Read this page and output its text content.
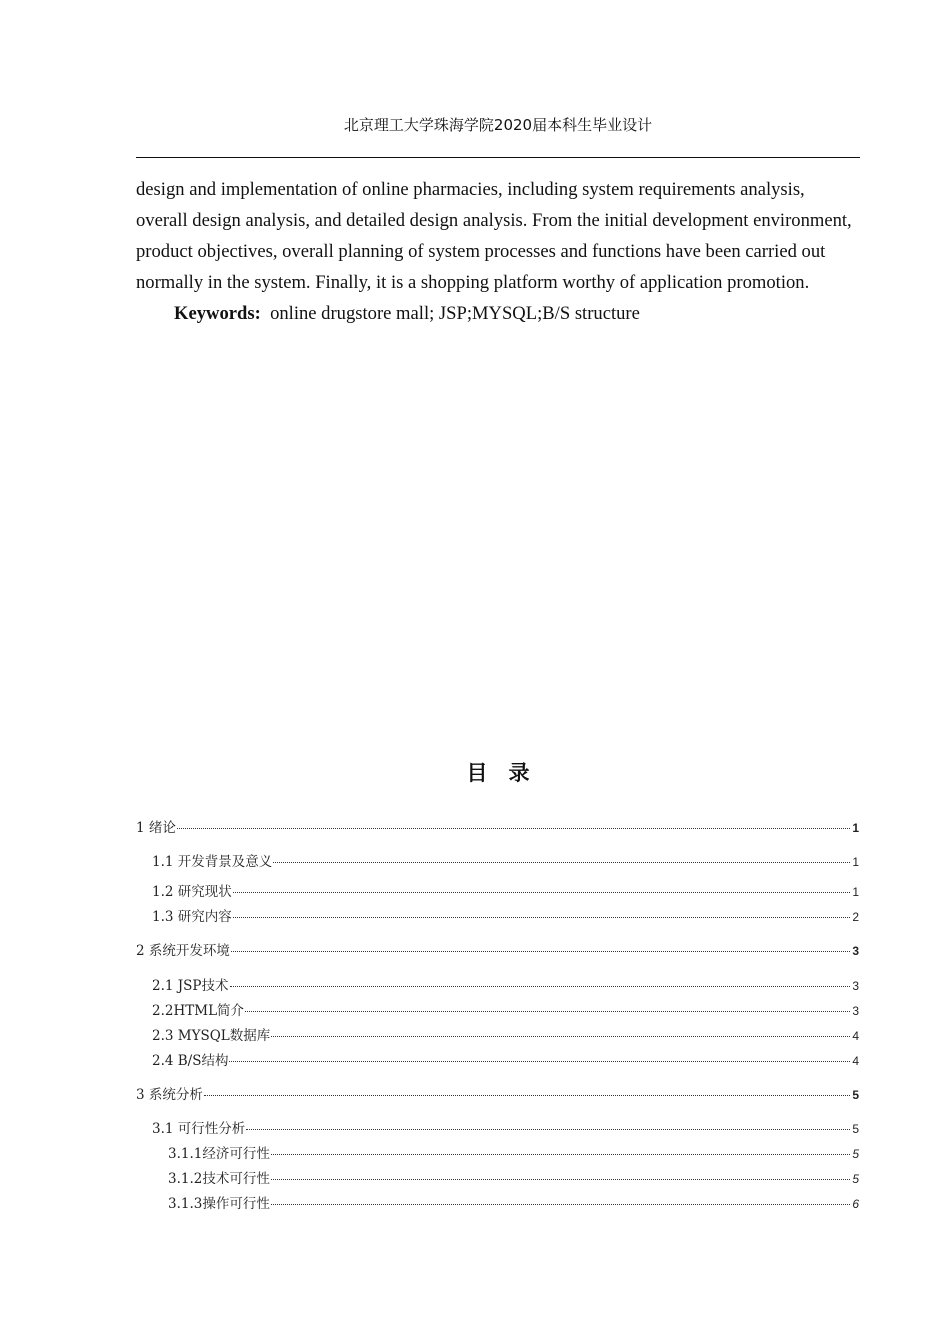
北京理工大学珠海学院2020届本科生毕业设计

design and implementation of online pharmacies, including system requirements analysis, overall design analysis, and detailed design analysis. From the initial development environment, product objectives, overall planning of system processes and functions have been carried out normally in the system. Finally, it is a shopping platform worthy of application promotion.

Keywords: online drugstore mall; JSP;MYSQL;B/S structure

目　录
1 绪论	1
1.1 开发背景及意义	1
1.2 研究现状	1
1.3 研究内容	2
2 系统开发环境	3
2.1 JSP技术	3
2.2HTML简介	3
2.3 MYSQL数据库	4
2.4 B/S结构	4
3 系统分析	5
3.1 可行性分析	5
3.1.1经济可行性	5
3.1.2技术可行性	5
3.1.3操作可行性	6
